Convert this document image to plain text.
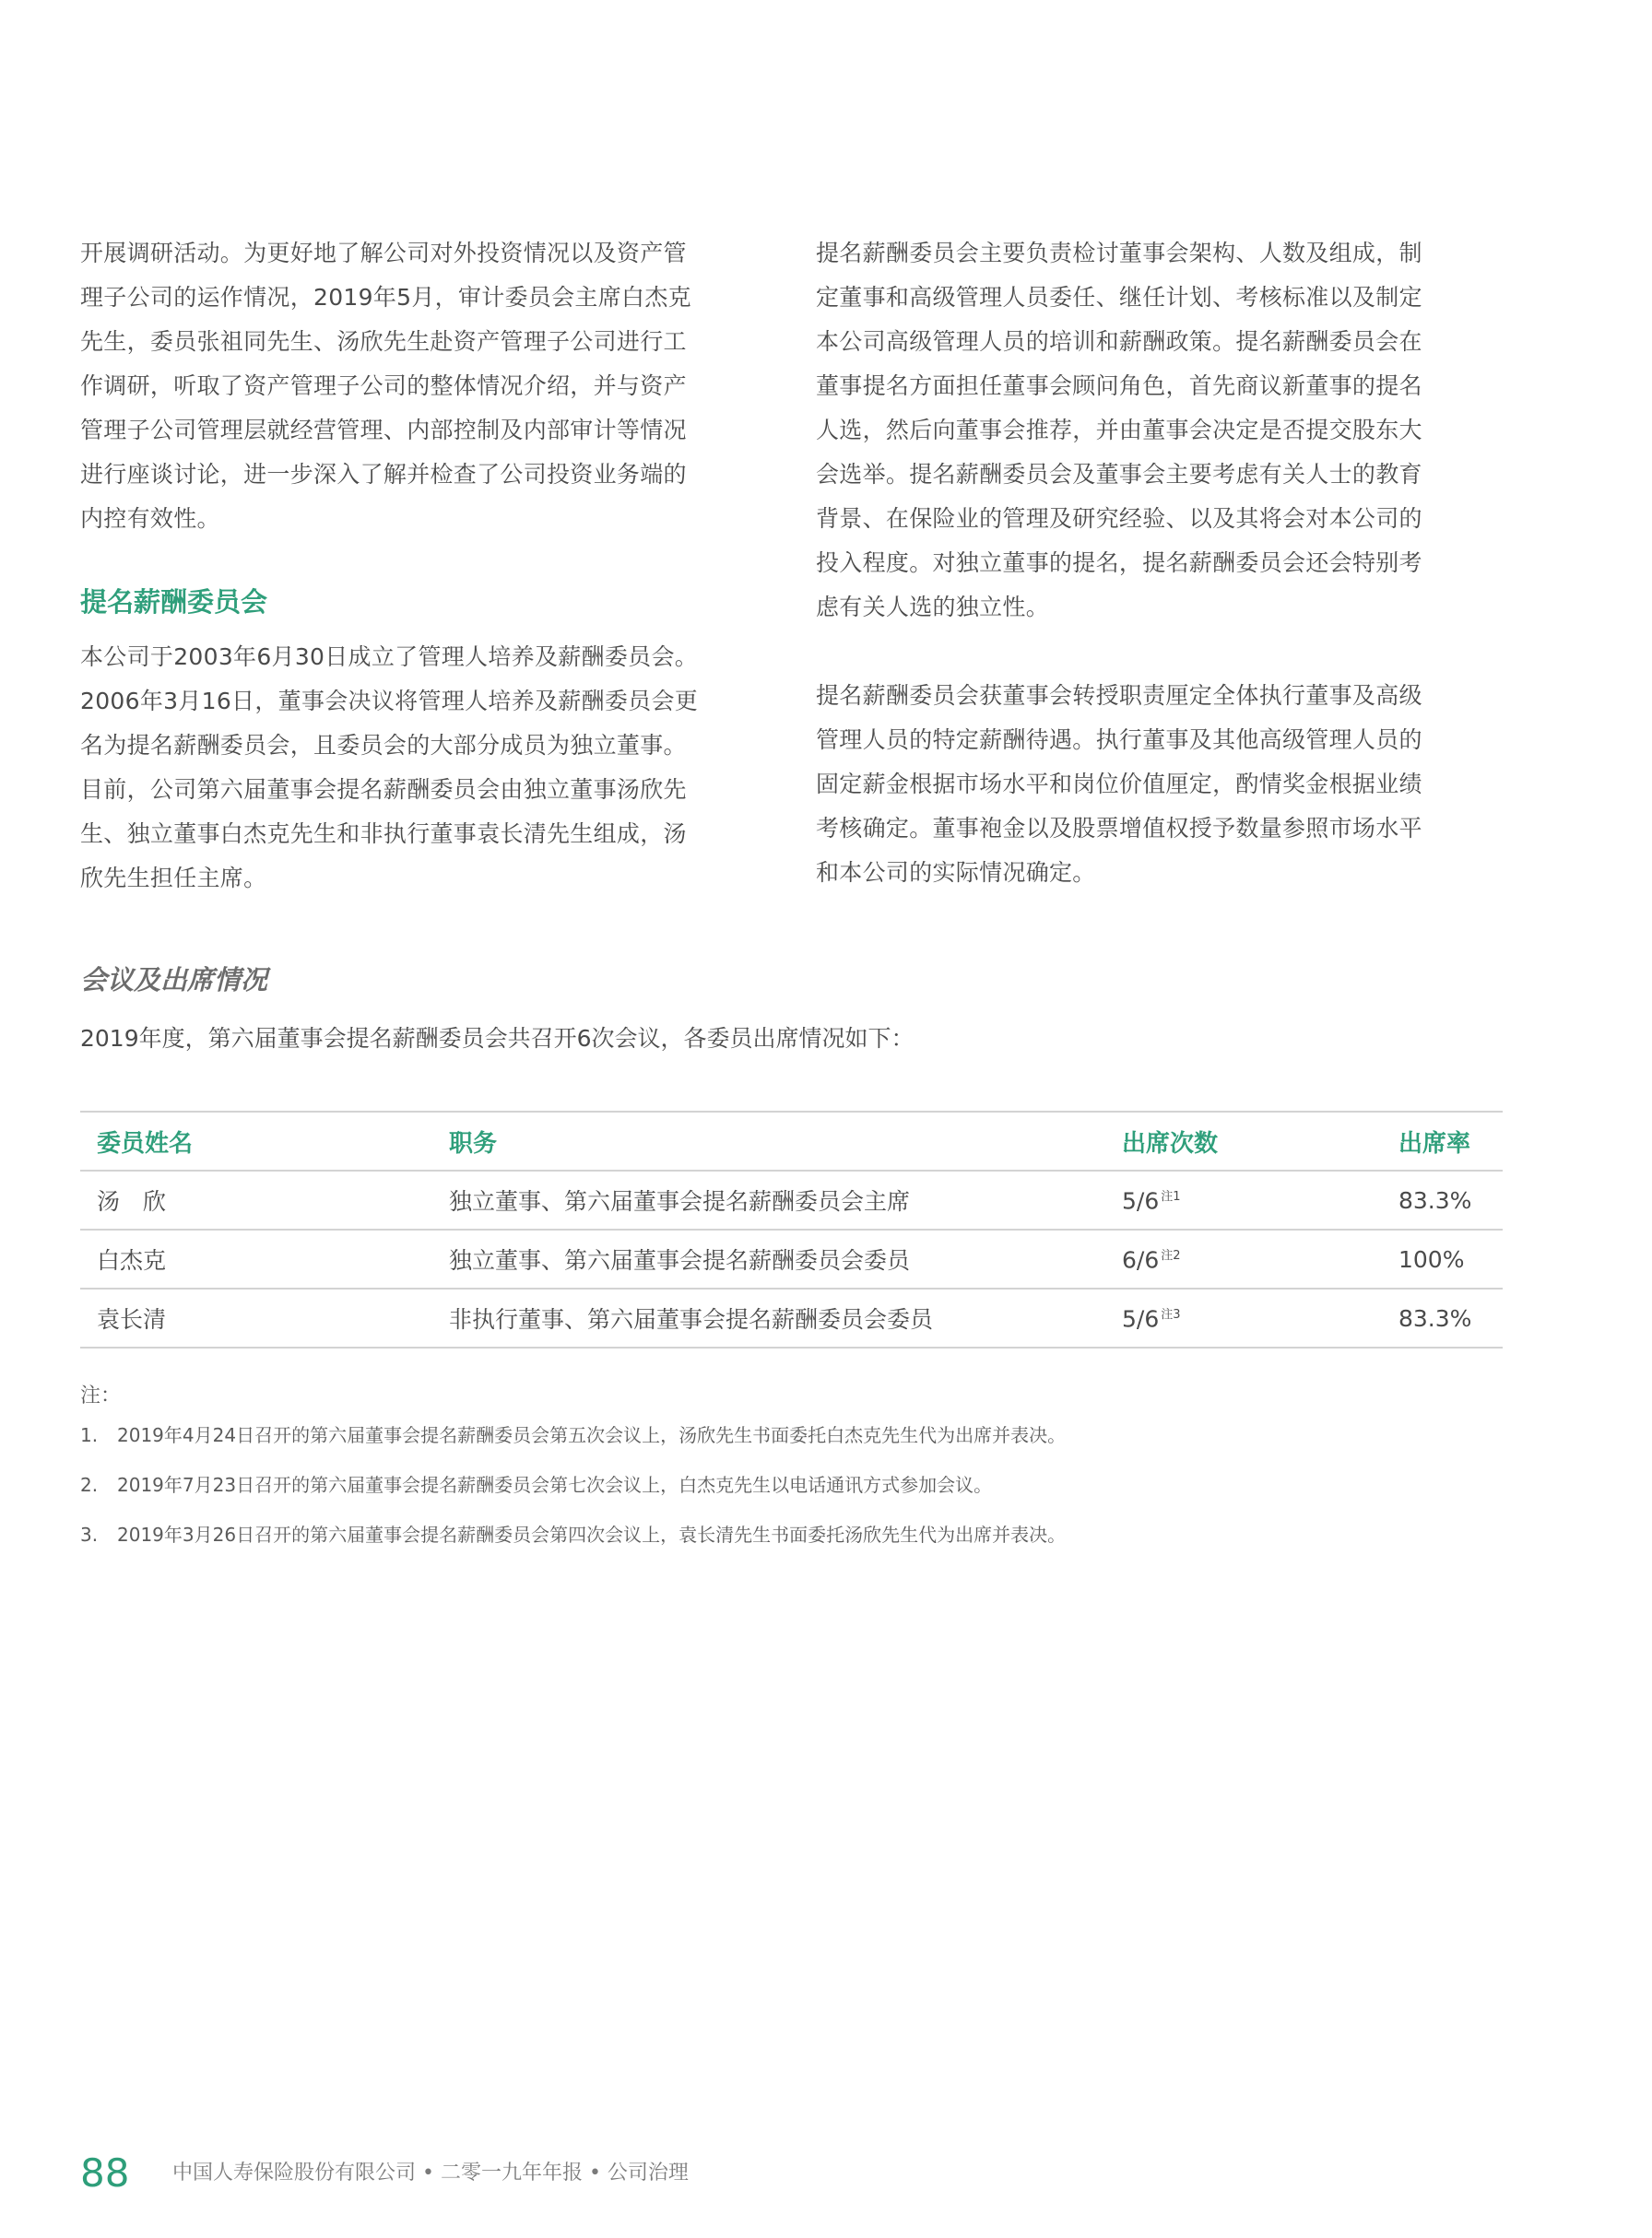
开展调研活动。为更好地了解公司对外投资情况以及资产管
理子公司的运作情况，2019年5月，审计委员会主席白杰克
先生，委员张祖同先生、汤欣先生赴资产管理子公司进行工
作调研，听取了资产管理子公司的整体情况介绍，并与资产
管理子公司管理层就经营管理、内部控制及内部审计等情况
进行座谈讨论，进一步深入了解并检查了公司投资业务端的
内控有效性。
提名薪酬委员会
本公司于2003年6月30日成立了管理人培养及薪酬委员会。
2006年3月16日，董事会决议将管理人培养及薪酬委员会更
名为提名薪酬委员会，且委员会的大部分成员为独立董事。
目前，公司第六届董事会提名薪酬委员会由独立董事汤欣先
生、独立董事白杰克先生和非执行董事袁长清先生组成，汤
欣先生担任主席。
提名薪酬委员会主要负责检讨董事会架构、人数及组成，制
定董事和高级管理人员委任、继任计划、考核标准以及制定
本公司高级管理人员的培训和薪酬政策。提名薪酬委员会在
董事提名方面担任董事会顾问角色，首先商议新董事的提名
人选，然后向董事会推荐，并由董事会决定是否提交股东大
会选举。提名薪酬委员会及董事会主要考虑有关人士的教育
背景、在保险业的管理及研究经验、以及其将会对本公司的
投入程度。对独立董事的提名，提名薪酬委员会还会特别考
虑有关人选的独立性。
提名薪酬委员会获董事会转授职责厘定全体执行董事及高级
管理人员的特定薪酬待遇。执行董事及其他高级管理人员的
固定薪金根据市场水平和岗位价值厘定，酌情奖金根据业绩
考核确定。董事袍金以及股票增值权授予数量参照市场水平
和本公司的实际情况确定。
会议及出席情况
2019年度，第六届董事会提名薪酬委员会共召开6次会议，各委员出席情况如下：
委员姓名	职务	出席次数	出席率
汤　欣	独立董事、第六届董事会提名薪酬委员会主席	5/6 $^{注1}$	83.3%
白杰克	独立董事、第六届董事会提名薪酬委员会委员	6/6 $^{注2}$	100%
袁长清	非执行董事、第六届董事会提名薪酬委员会委员	5/6 $^{注3}$	83.3%
注：
1. 2019年4月24日召开的第六届董事会提名薪酬委员会第五次会议上，汤欣先生书面委托白杰克先生代为出席并表决。
2. 2019年7月23日召开的第六届董事会提名薪酬委员会第七次会议上，白杰克先生以电话通讯方式参加会议。
3. 2019年3月26日召开的第六届董事会提名薪酬委员会第四次会议上，袁长清先生书面委托汤欣先生代为出席并表决。
88 中国人寿保险股份有限公司 • 二零一九年年报 • 公司治理
